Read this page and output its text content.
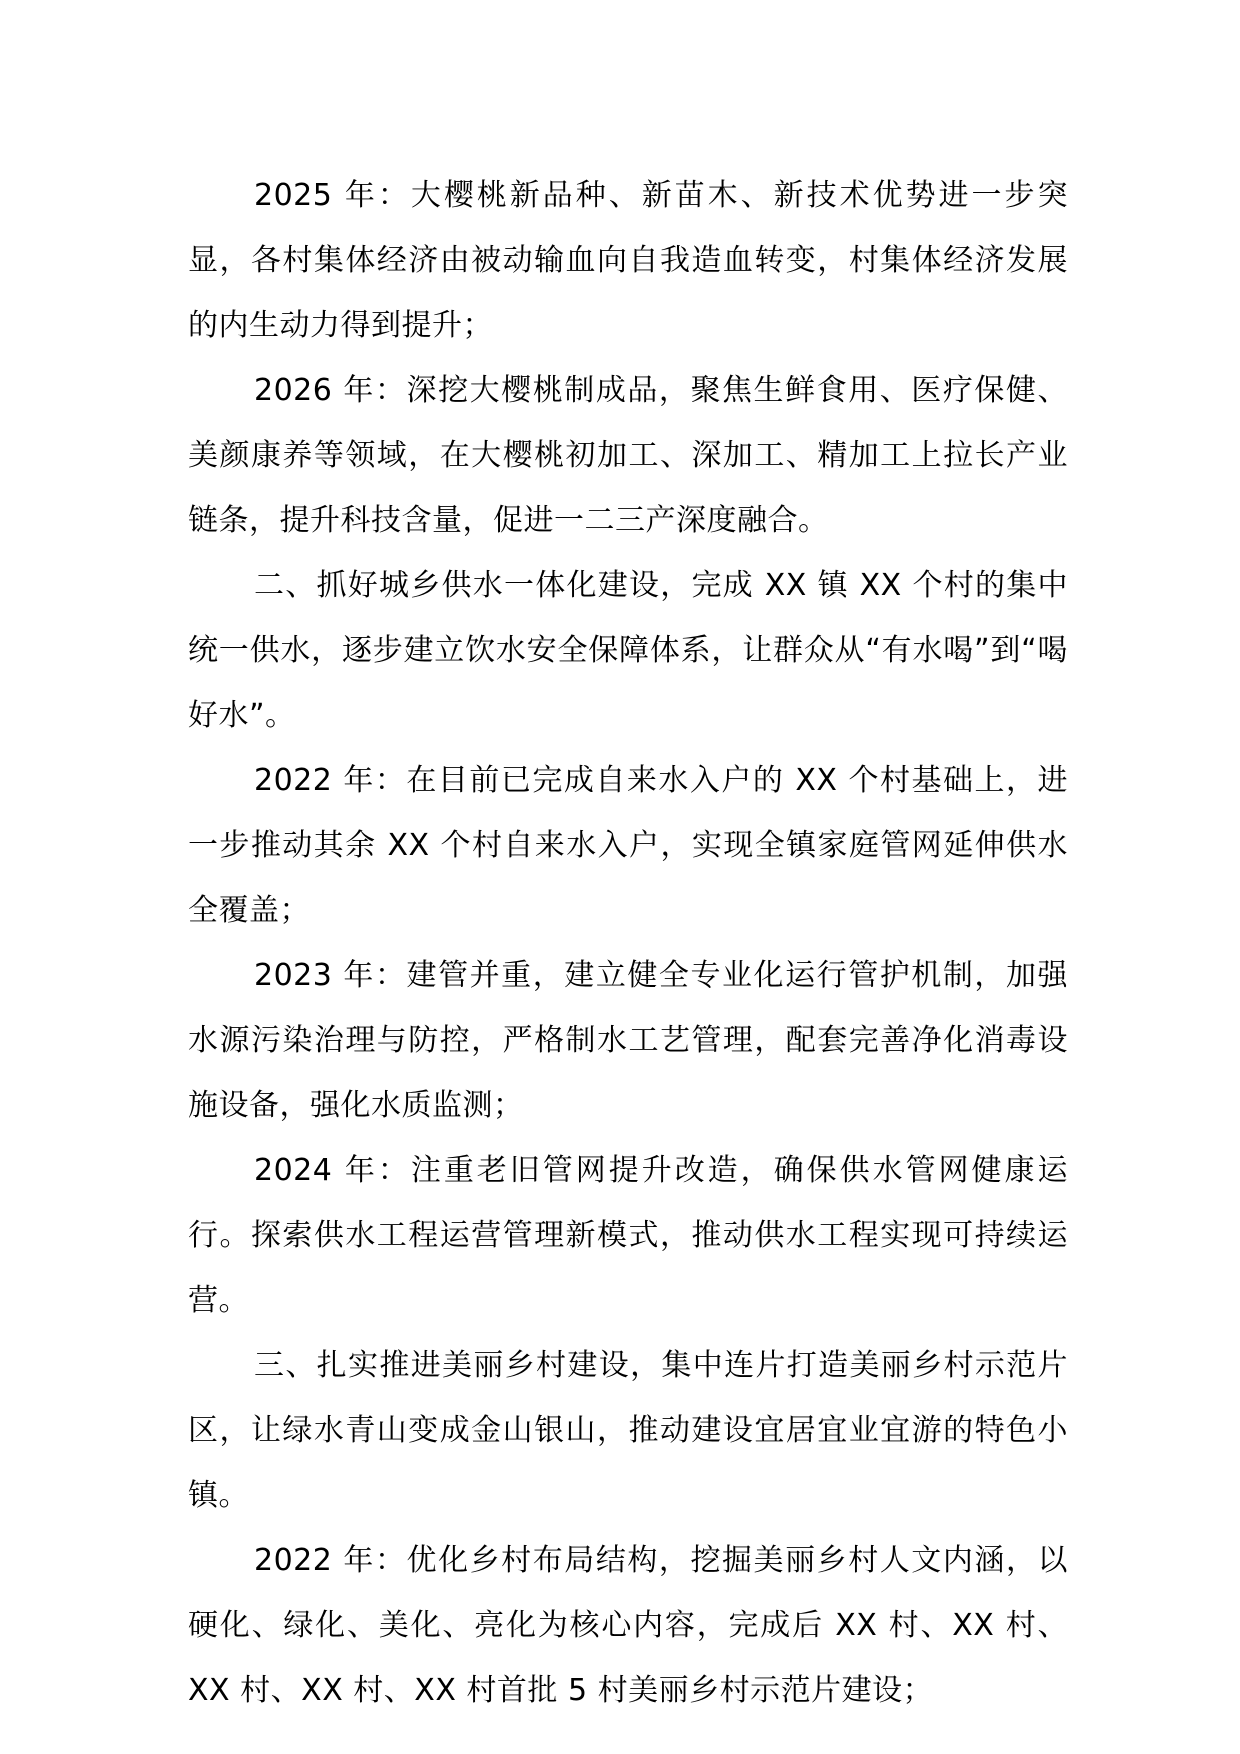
2025 年：大樱桃新品种、新苗木、新技术优势进一步突显，各村集体经济由被动输血向自我造血转变，村集体经济发展的内生动力得到提升；

2026 年：深挖大樱桃制成品，聚焦生鲜食用、医疗保健、美颜康养等领域，在大樱桃初加工、深加工、精加工上拉长产业链条，提升科技含量，促进一二三产深度融合。

二、抓好城乡供水一体化建设，完成 XX 镇 XX 个村的集中统一供水，逐步建立饮水安全保障体系，让群众从“有水喝”到“喝好水”。

2022 年：在目前已完成自来水入户的 XX 个村基础上，进一步推动其余 XX 个村自来水入户，实现全镇家庭管网延伸供水全覆盖；

2023 年：建管并重，建立健全专业化运行管护机制，加强水源污染治理与防控，严格制水工艺管理，配套完善净化消毒设施设备，强化水质监测；

2024 年：注重老旧管网提升改造，确保供水管网健康运行。探索供水工程运营管理新模式，推动供水工程实现可持续运营。

三、扎实推进美丽乡村建设，集中连片打造美丽乡村示范片区，让绿水青山变成金山银山，推动建设宜居宜业宜游的特色小镇。

2022 年：优化乡村布局结构，挖掘美丽乡村人文内涵，以硬化、绿化、美化、亮化为核心内容，完成后 XX 村、XX 村、XX 村、XX 村、XX 村首批 5 村美丽乡村示范片建设；
